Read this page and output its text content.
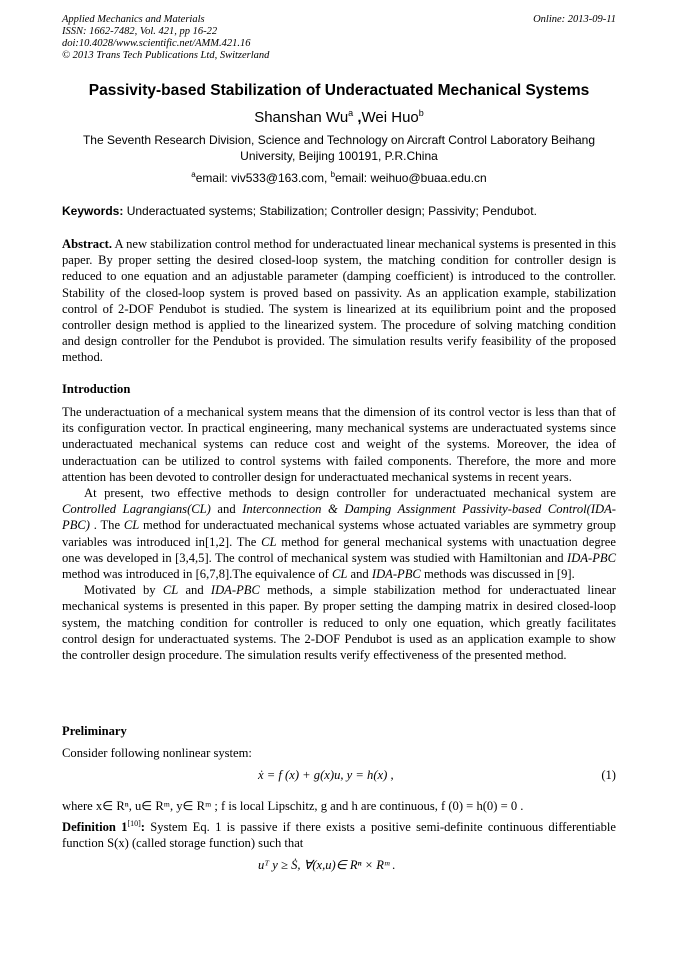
Applied Mechanics and Materials
ISSN: 1662-7482, Vol. 421, pp 16-22
doi:10.4028/www.scientific.net/AMM.421.16
© 2013 Trans Tech Publications Ltd, Switzerland
Online: 2013-09-11
Passivity-based Stabilization of Underactuated Mechanical Systems
Shanshan Wu$^a$ ,Wei Huo$^b$
The Seventh Research Division, Science and Technology on Aircraft Control Laboratory Beihang University, Beijing 100191, P.R.China
$^a$email: viv533@163.com, $^b$email: weihuo@buaa.edu.cn
Keywords: Underactuated systems; Stabilization; Controller design; Passivity; Pendubot.
Abstract. A new stabilization control method for underactuated linear mechanical systems is presented in this paper. By proper setting the desired closed-loop system, the matching condition for controller design is reduced to one equation and an adjustable parameter (damping coefficient) is introduced to the controller. Stability of the closed-loop system is proved based on passivity. As an application example, stabilization control of 2-DOF Pendubot is studied. The system is linearized at its equilibrium point and the proposed controller design method is applied to the linearized system. The procedure of solving matching condition and design controller for the Pendubot is provided. The simulation results verify feasibility of the proposed method.
Introduction

The underactuation of a mechanical system means that the dimension of its control vector is less than that of its configuration vector. In practical engineering, many mechanical systems are underactuated systems since underactuated mechanical systems can reduce cost and weight of the systems. Moreover, the idea of underactuation can be utilized to control systems with failed components. Therefore, the more and more attention has been devoted to controller design for underactuated mechanical systems in recent years.

At present, two effective methods to design controller for underactuated mechanical system are Controlled Lagrangians(CL) and Interconnection & Damping Assignment Passivity-based Control(IDA-PBC) . The CL method for underactuated mechanical systems whose actuated variables are symmetry group variables was introduced in[1,2]. The CL method for general mechanical systems with unactuation degree one was developed in [3,4,5]. The control of mechanical system was studied with Hamiltonian and IDA-PBC method was introduced in [6,7,8].The equivalence of CL and IDA-PBC methods was discussed in [9].

Motivated by CL and IDA-PBC methods, a simple stabilization method for underactuated linear mechanical systems is presented in this paper. By proper setting the damping matrix in desired closed-loop system, the matching condition for controller is reduced to only one equation, which greatly facilitates control design for underactuated systems. The 2-DOF Pendubot is used as an application example to show the controller design procedure. The simulation results verify effectiveness of the presented method.

Preliminary
Consider following nonlinear system:
ẋ = f (x) + g(x)u, y = h(x) ,	(1)
where x∈ Rⁿ, u∈ Rᵐ, y∈ Rᵐ ; f is local Lipschitz, g and h are continuous, f (0) = h(0) = 0 .
Definition 1[10]: System Eq. 1 is passive if there exists a positive semi-definite continuous differentiable function S(x) (called storage function) such that
uᵀ y ≥ Ṡ, ∀(x,u)∈ Rⁿ × Rᵐ .
